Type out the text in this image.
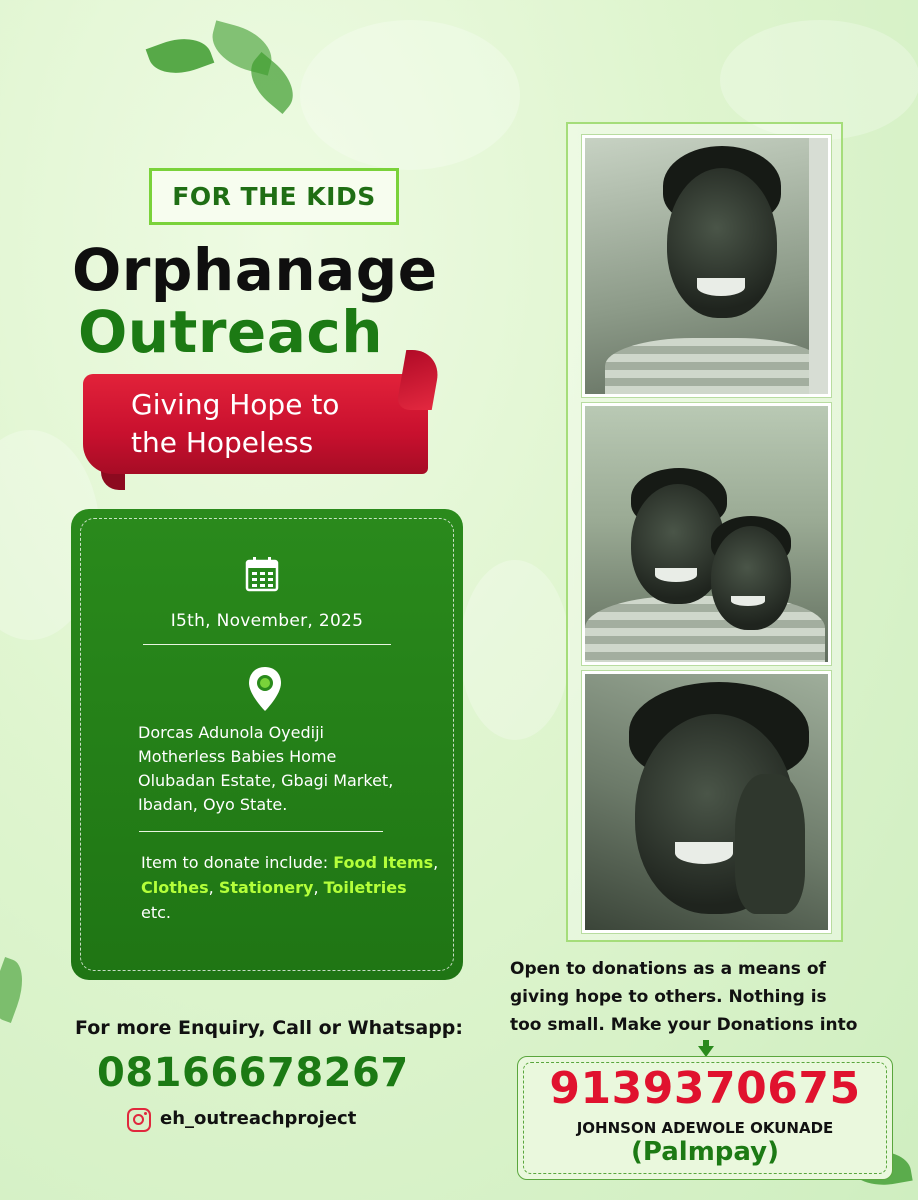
FOR THE KIDS
Orphanage
Outreach
Giving Hope to
the Hopeless
I5th, November, 2025
Dorcas Adunola Oyediji
Motherless Babies Home
Olubadan Estate, Gbagi Market,
Ibadan, Oyo State.
Item to donate include: Food Items, Clothes, Stationery, Toiletries etc.
For more Enquiry, Call or Whatsapp:
08166678267
eh_outreachproject
Open to donations as a means of
giving hope to others. Nothing is
too small. Make your Donations into
9139370675
JOHNSON ADEWOLE OKUNADE
(Palmpay)
